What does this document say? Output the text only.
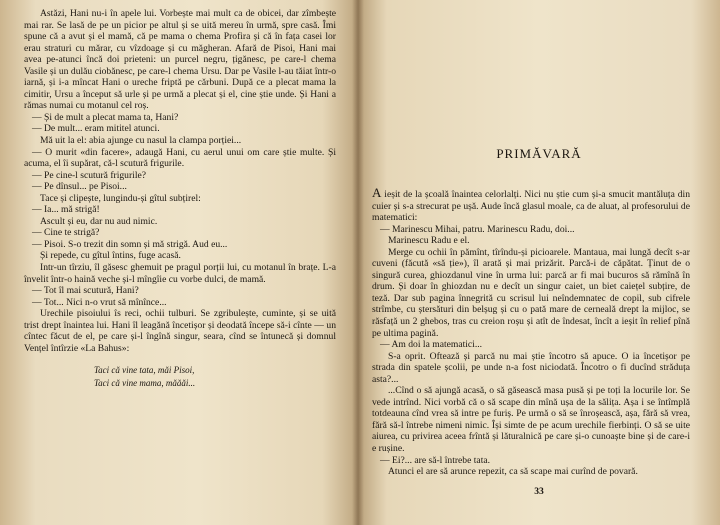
Astăzi, Hani nu-i în apele lui. Vorbește mai mult ca de obicei, dar zîmbește mai rar. Se lasă de pe un picior pe altul și se uită mereu în urmă, spre casă. Îmi spune că a avut și el mamă, că pe mama o chema Profira și că în fața casei lor erau straturi cu mărar, cu vîzdoage și cu măgheran. Afară de Pisoi, Hani mai avea pe-atunci încă doi prieteni: un purcel negru, țigănesc, pe care-l chema Vasile și un dulău ciobănesc, pe care-l chema Ursu. Dar pe Vasile l-au tăiat într-o iarnă, și i-a mîncat Hani o ureche friptă pe cărbuni. După ce a plecat mama la cimitir, Ursu a început să urle și pe urmă a plecat și el, cine știe unde. Și Hani a rămas numai cu motanul cel roș.

— Și de mult a plecat mama ta, Hani?

— De mult... eram mititel atunci.

Mă uit la el: abia ajunge cu nasul la clampa porției...

— O murit «din facere», adaugă Hani, cu aerul unui om care știe multe. Și acuma, el îi supărat, că-l scutură frigurile.

— Pe cine-l scutură frigurile?

— Pe dînsul... pe Pisoi...

Tace și clipește, lungindu-și gîtul subțirel:

— Ia... mă strigă!

Ascult și eu, dar nu aud nimic.

— Cine te strigă?

— Pisoi. S-o trezit din somn și mă strigă. Aud eu...

Și repede, cu gîtul întins, fuge acasă.

Intr-un tîrziu, îl găsesc ghemuit pe pragul porții lui, cu motanul în brațe. L-a învelit într-o haină veche și-l mîngîie cu vorbe dulci, de mamă.

— Tot îl mai scutură, Hani?

— Tot... Nici n-o vrut să mînînce...

Urechile pisoiului îs reci, ochii tulburi. Se zgribulește, cuminte, și se uită trist drept înaintea lui. Hani îl leagănă încetișor și deodată începe să-i cînte — un cîntec făcut de el, pe care și-l îngînă singur, seara, cînd se întunecă și domnul Vențel întîrzie «La Bahus»:

Taci că vine tata, măi Pisoi,

Taci că vine mama, măăăi...

PRIMĂVARĂ

A ieșit de la școală înaintea celorlalți. Nici nu știe cum și-a smucit mantăluța din cuier și s-a strecurat pe ușă. Aude încă glasul moale, ca de aluat, al profesorului de matematici:

— Marinescu Mihai, patru. Marinescu Radu, doi...

Marinescu Radu e el.

Merge cu ochii în pămînt, tîrîndu-și picioarele. Mantaua, mai lungă decît s-ar cuveni (făcută «să ție»), îl arată și mai prizărit. Parcă-i de căpătat. Ținut de o singură curea, ghiozdanul vine în urma lui: parcă ar fi mai bucuros să rămînă în drum. Și doar în ghiozdan nu e decît un singur caiet, un biet caiețel subțire, de teză. Dar sub pagina înnegrită cu scrisul lui neîndemnatec de copil, sub cifrele strîmbe, cu ștersături din belșug și cu o pată mare de cerneală drept la mijloc, se răsfață un 2 ghebos, tras cu creion roșu și atît de îndesat, încît a ieșit în relief pînă pe ultima pagină.

— Am doi la matematici...

S-a oprit. Oftează și parcă nu mai știe încotro să apuce. O ia încetișor pe strada din spatele școlii, pe unde n-a fost niciodată. Încotro o fi ducînd străduța asta?...

...Cînd o să ajungă acasă, o să găsească masa pusă și pe toți la locurile lor. Se vede intrînd. Nici vorbă că o să scape din mînă ușa de la sălița. Așa i se întîmplă totdeauna cînd vrea să intre pe furiș. Pe urmă o să se înroșească, așa, fără să vrea, fără să-l întrebe nimeni nimic. Își simte de pe acum urechile fierbinți. O să se uite aiurea, cu privirea aceea frîntă și lăturalnică pe care și-o cunoaște bine și de care-i e rușine.

— Ei?... are să-l întrebe tata.

Atunci el are să arunce repezit, ca să scape mai curînd de povară.

33
